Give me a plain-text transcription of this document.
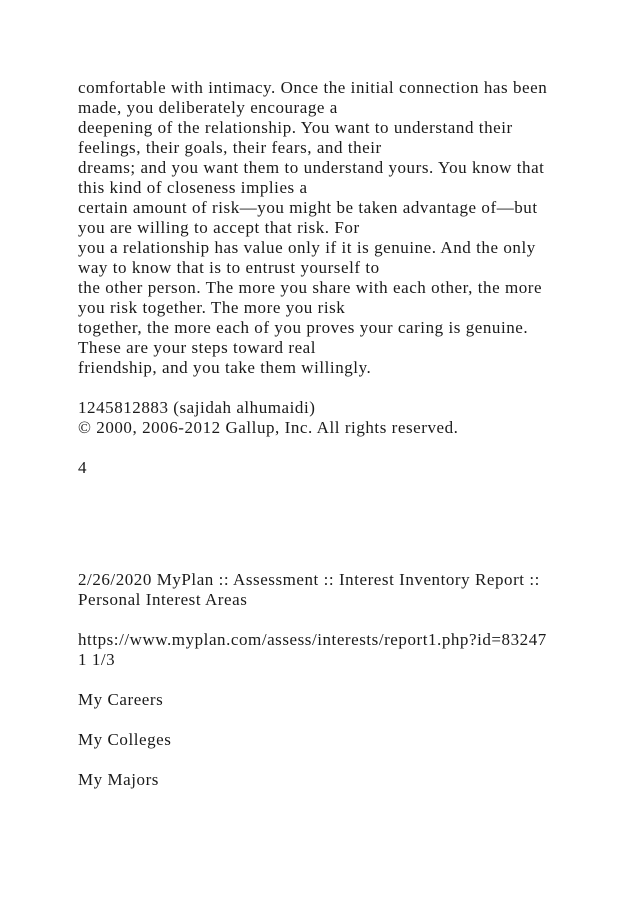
comfortable with intimacy. Once the initial connection has been
made, you deliberately encourage a
deepening of the relationship. You want to understand their
feelings, their goals, their fears, and their
dreams; and you want them to understand yours. You know that
this kind of closeness implies a
certain amount of risk—you might be taken advantage of—but
you are willing to accept that risk. For
you a relationship has value only if it is genuine. And the only
way to know that is to entrust yourself to
the other person. The more you share with each other, the more
you risk together. The more you risk
together, the more each of you proves your caring is genuine.
These are your steps toward real
friendship, and you take them willingly.
1245812883 (sajidah alhumaidi)
© 2000, 2006-2012 Gallup, Inc. All rights reserved.
4
2/26/2020 MyPlan :: Assessment :: Interest Inventory Report ::
Personal Interest Areas
https://www.myplan.com/assess/interests/report1.php?id=83247
1 1/3
My Careers
My Colleges
My Majors
